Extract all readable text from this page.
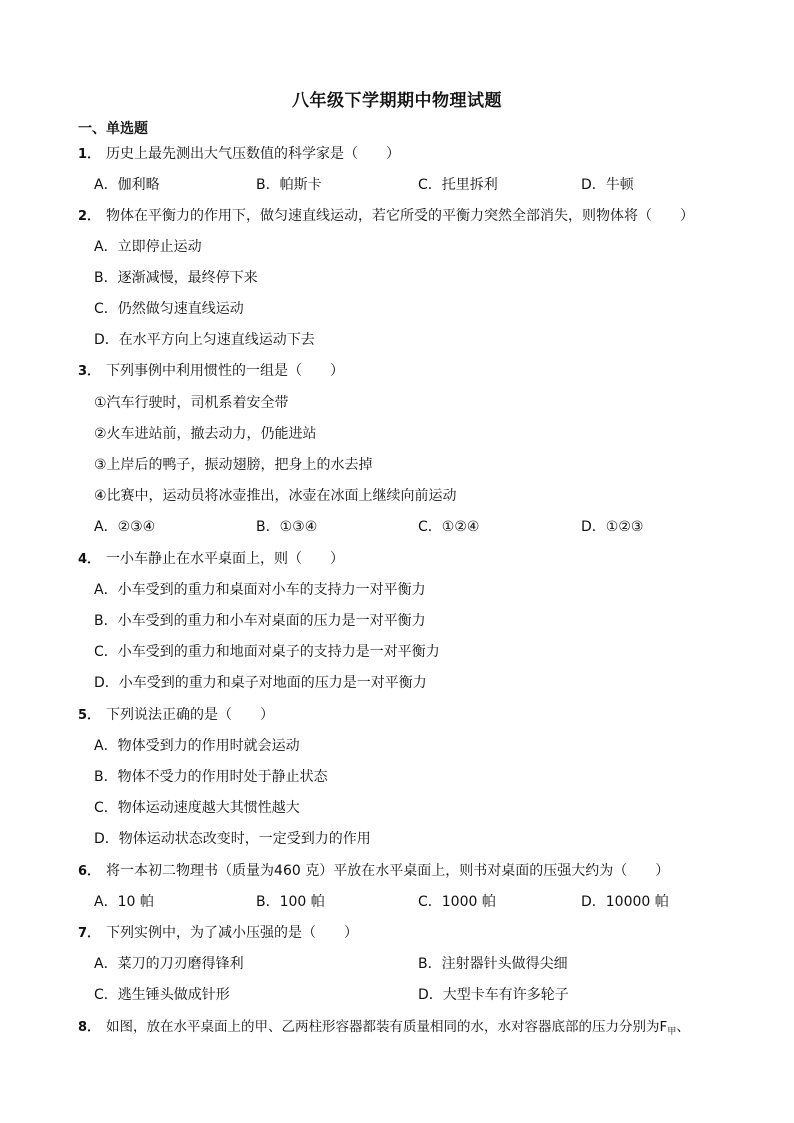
八年级下学期期中物理试题
一、单选题
1． 历史上最先测出大气压数值的科学家是（　　）
A．伽利略	B．帕斯卡	C．托里拆利	D．牛顿
2． 物体在平衡力的作用下，做匀速直线运动，若它所受的平衡力突然全部消失，则物体将（　　）
A．立即停止运动
B．逐渐减慢，最终停下来
C．仍然做匀速直线运动
D．在水平方向上匀速直线运动下去
3． 下列事例中利用惯性的一组是（　　）
①汽车行驶时，司机系着安全带
②火车进站前，撤去动力，仍能进站
③上岸后的鸭子，振动翅膀，把身上的水去掉
④比赛中，运动员将冰壶推出，冰壶在冰面上继续向前运动
A．②③④	B．①③④	C．①②④	D．①②③
4． 一小车静止在水平桌面上，则（　　）
A．小车受到的重力和桌面对小车的支持力一对平衡力
B．小车受到的重力和小车对桌面的压力是一对平衡力
C．小车受到的重力和地面对桌子的支持力是一对平衡力
D．小车受到的重力和桌子对地面的压力是一对平衡力
5． 下列说法正确的是（　　）
A．物体受到力的作用时就会运动
B．物体不受力的作用时处于静止状态
C．物体运动速度越大其惯性越大
D．物体运动状态改变时，一定受到力的作用
6． 将一本初二物理书（质量为460 克）平放在水平桌面上，则书对桌面的压强大约为（　　）
A．10 帕	B．100 帕	C．1000 帕	D．10000 帕
7． 下列实例中，为了减小压强的是（　　）
A．菜刀的刀刃磨得锋利	B．注射器针头做得尖细
C．逃生锤头做成针形	D．大型卡车有许多轮子
8． 如图，放在水平桌面上的甲、乙两柱形容器都装有质量相同的水，水对容器底部的压力分别为$F_甲$、
